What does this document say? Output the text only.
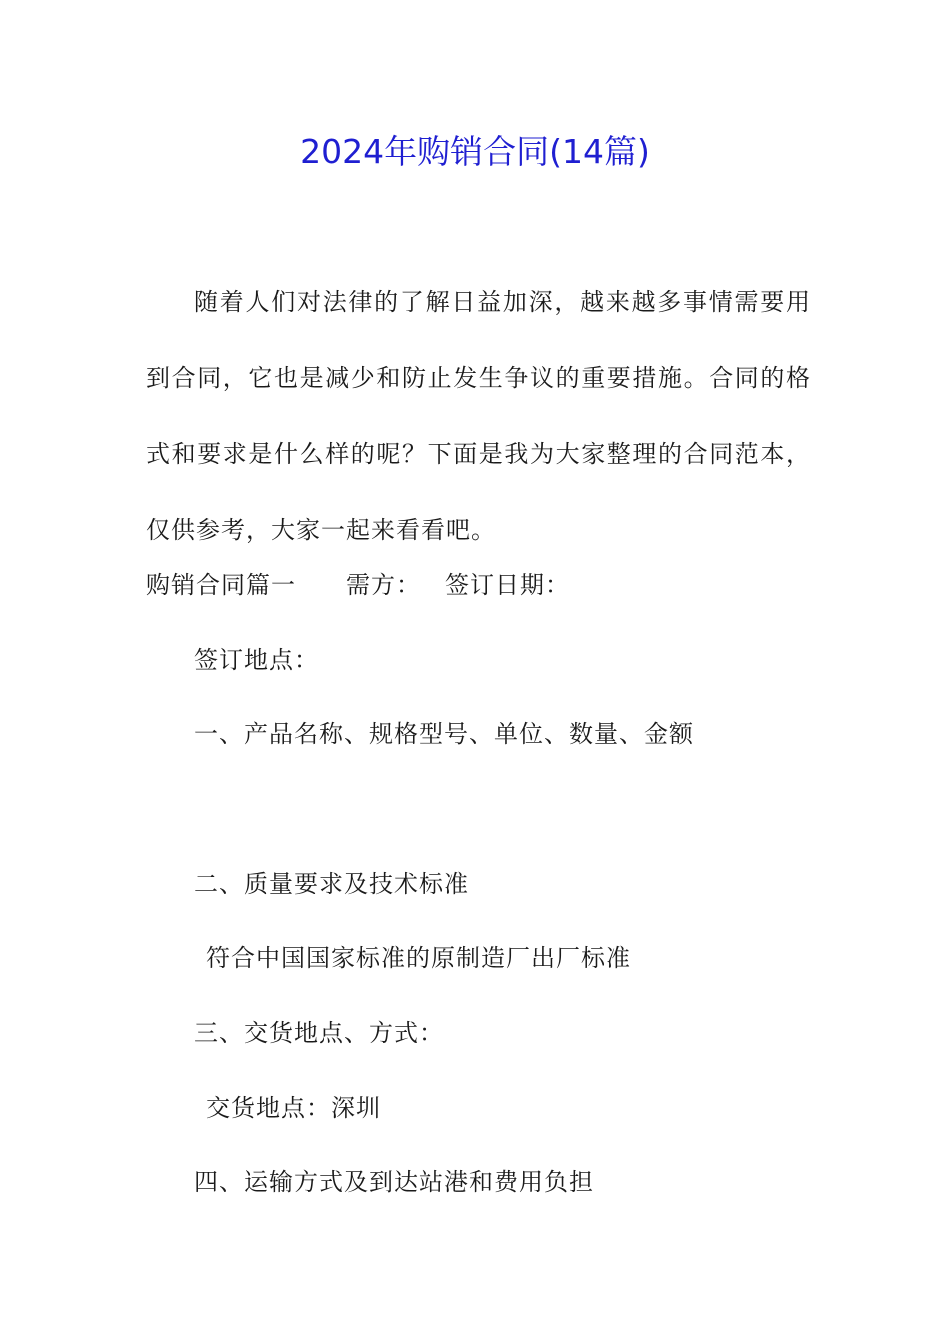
2024年购销合同(14篇)

随着人们对法律的了解日益加深，越来越多事情需要用到合同，它也是减少和防止发生争议的重要措施。合同的格式和要求是什么样的呢？下面是我为大家整理的合同范本，仅供参考，大家一起来看看吧。

购销合同篇一 需方： 签订日期：
签订地点：
一、产品名称、规格型号、单位、数量、金额
二、质量要求及技术标准
符合中国国家标准的原制造厂出厂标准
三、交货地点、方式：
交货地点：深圳
四、运输方式及到达站港和费用负担
